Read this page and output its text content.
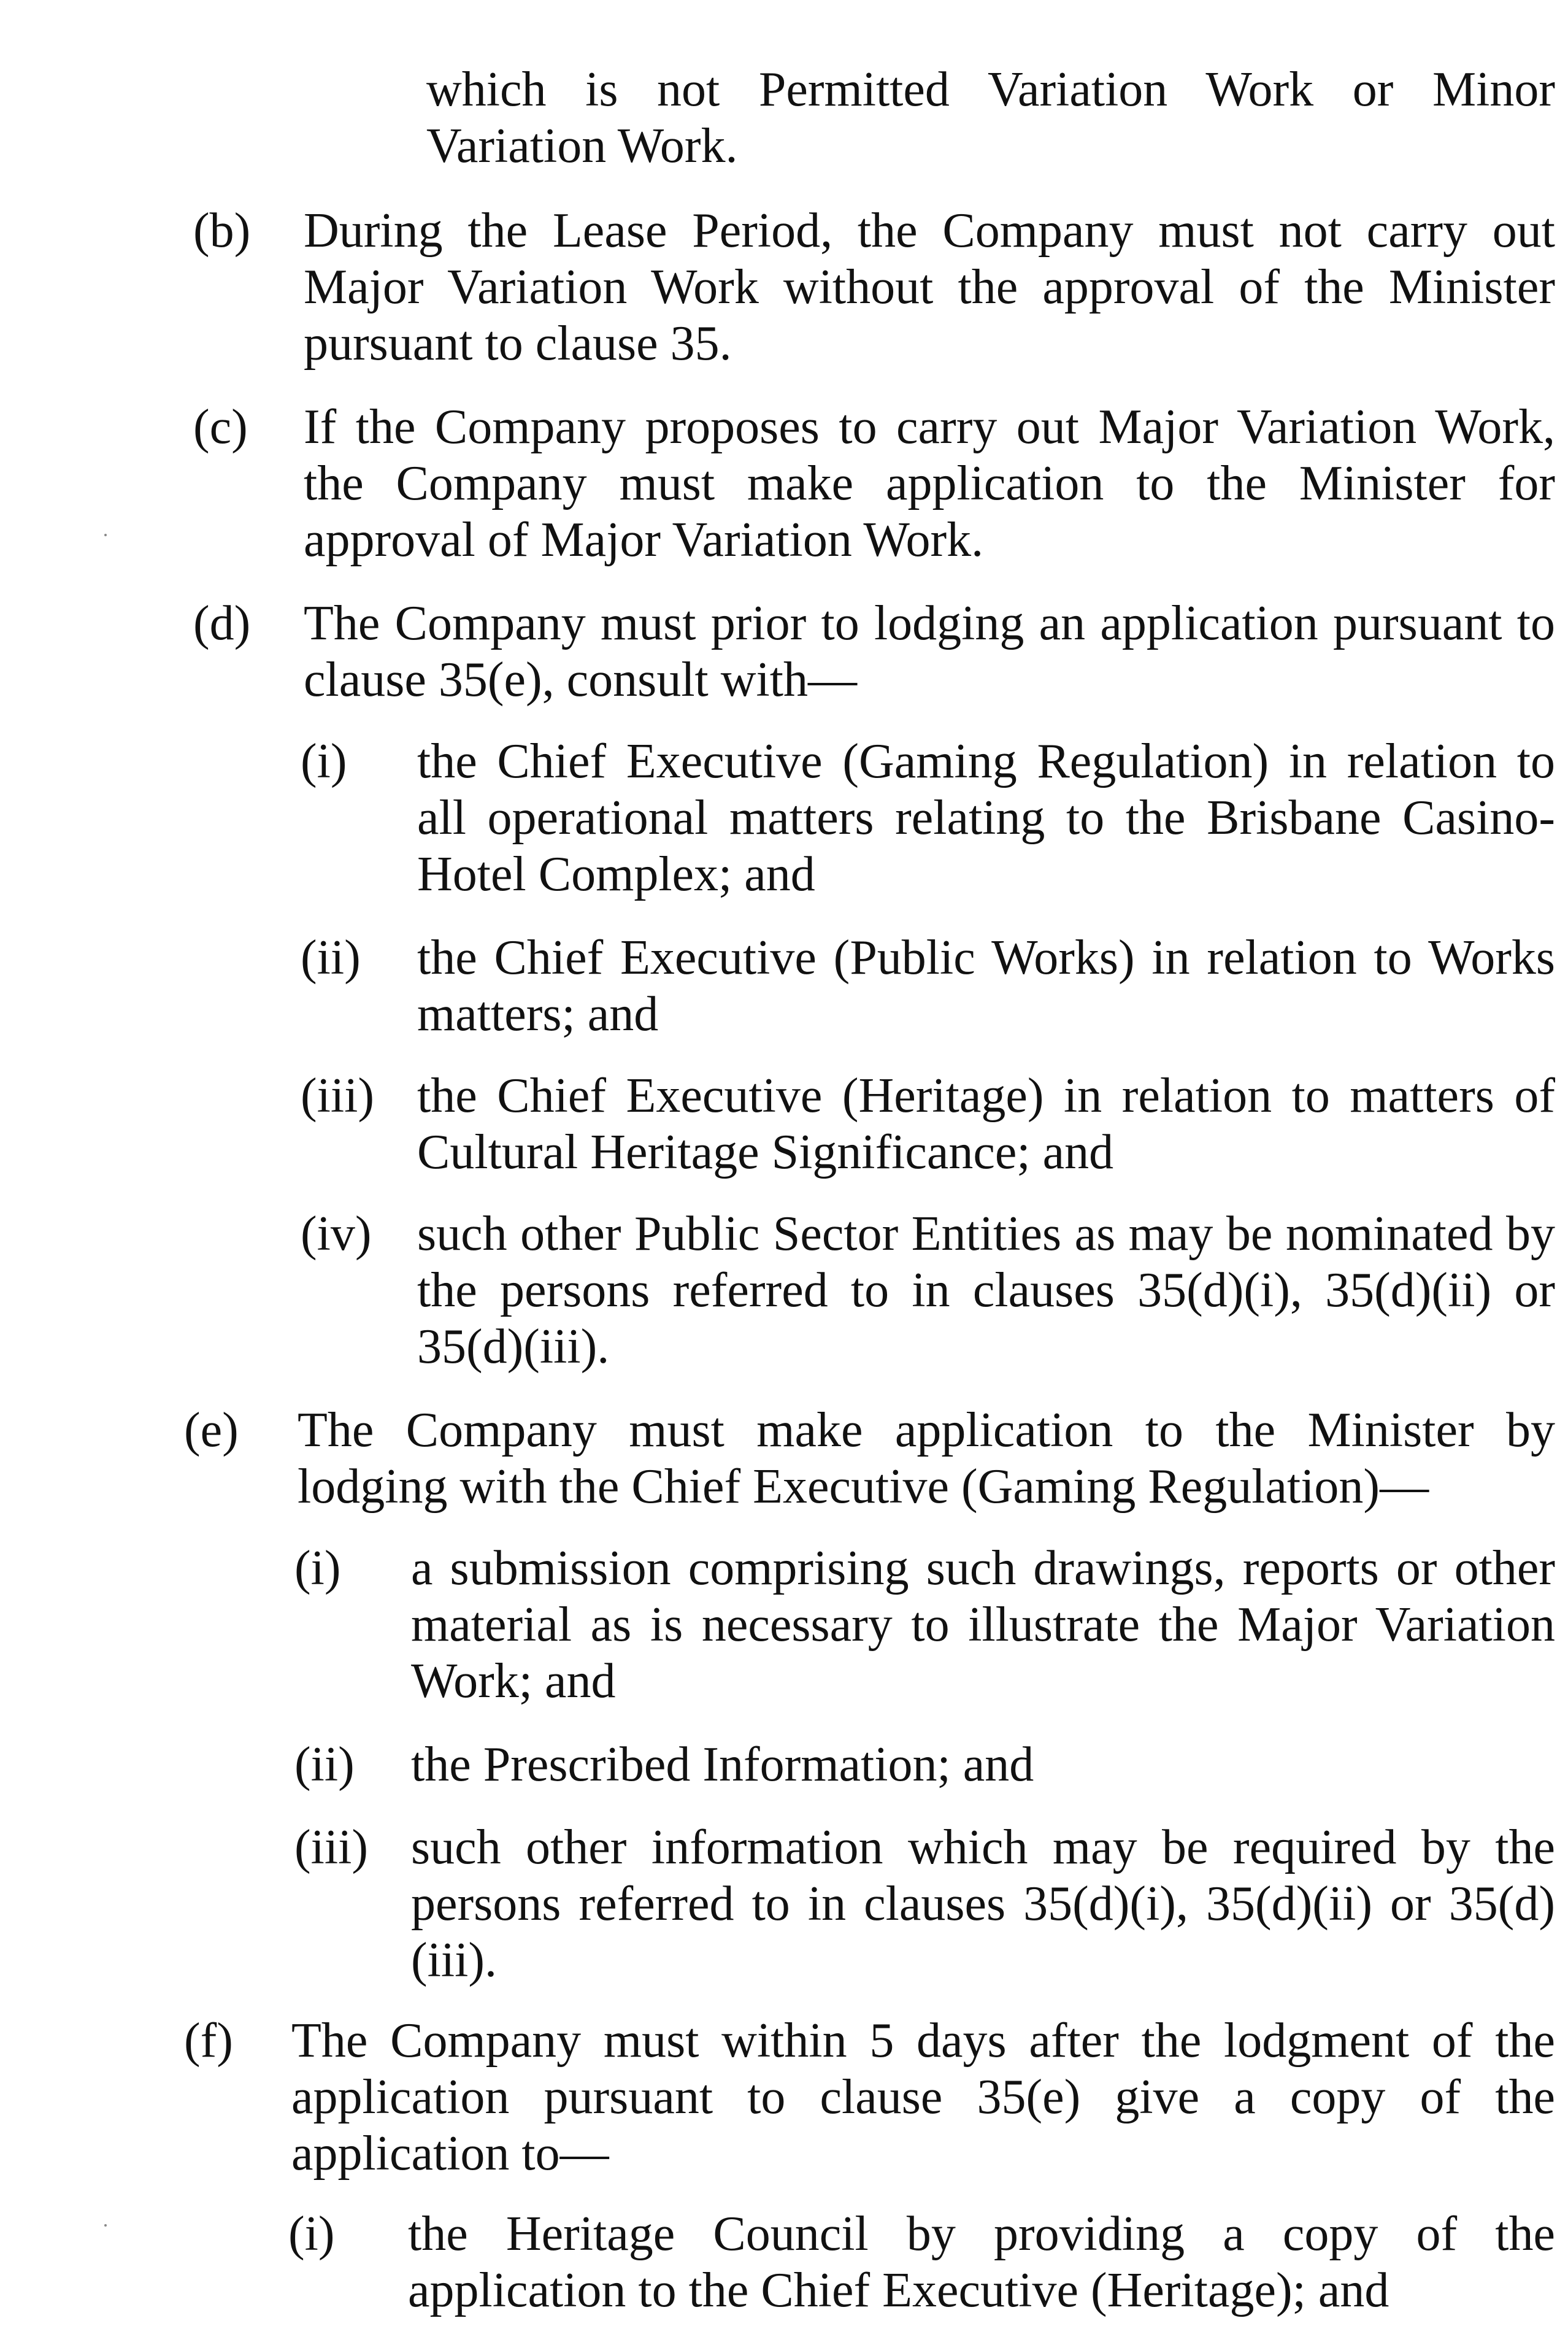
which is not Permitted Variation Work or Minor Variation Work.
(b) During the Lease Period, the Company must not carry out Major Variation Work without the approval of the Minister pursuant to clause 35.
(c) If the Company proposes to carry out Major Variation Work, the Company must make application to the Minister for approval of Major Variation Work.
(d) The Company must prior to lodging an application pursuant to clause 35(e), consult with—
(i) the Chief Executive (Gaming Regulation) in relation to all operational matters relating to the Brisbane Casino-Hotel Complex; and
(ii) the Chief Executive (Public Works) in relation to Works matters; and
(iii) the Chief Executive (Heritage) in relation to matters of Cultural Heritage Significance; and
(iv) such other Public Sector Entities as may be nominated by the persons referred to in clauses 35(d)(i), 35(d)(ii) or 35(d)(iii).
(e) The Company must make application to the Minister by lodging with the Chief Executive (Gaming Regulation)—
(i) a submission comprising such drawings, reports or other material as is necessary to illustrate the Major Variation Work; and
(ii) the Prescribed Information; and
(iii) such other information which may be required by the persons referred to in clauses 35(d)(i), 35(d)(ii) or 35(d)(iii).
(f) The Company must within 5 days after the lodgment of the application pursuant to clause 35(e) give a copy of the application to—
(i) the Heritage Council by providing a copy of the application to the Chief Executive (Heritage); and
